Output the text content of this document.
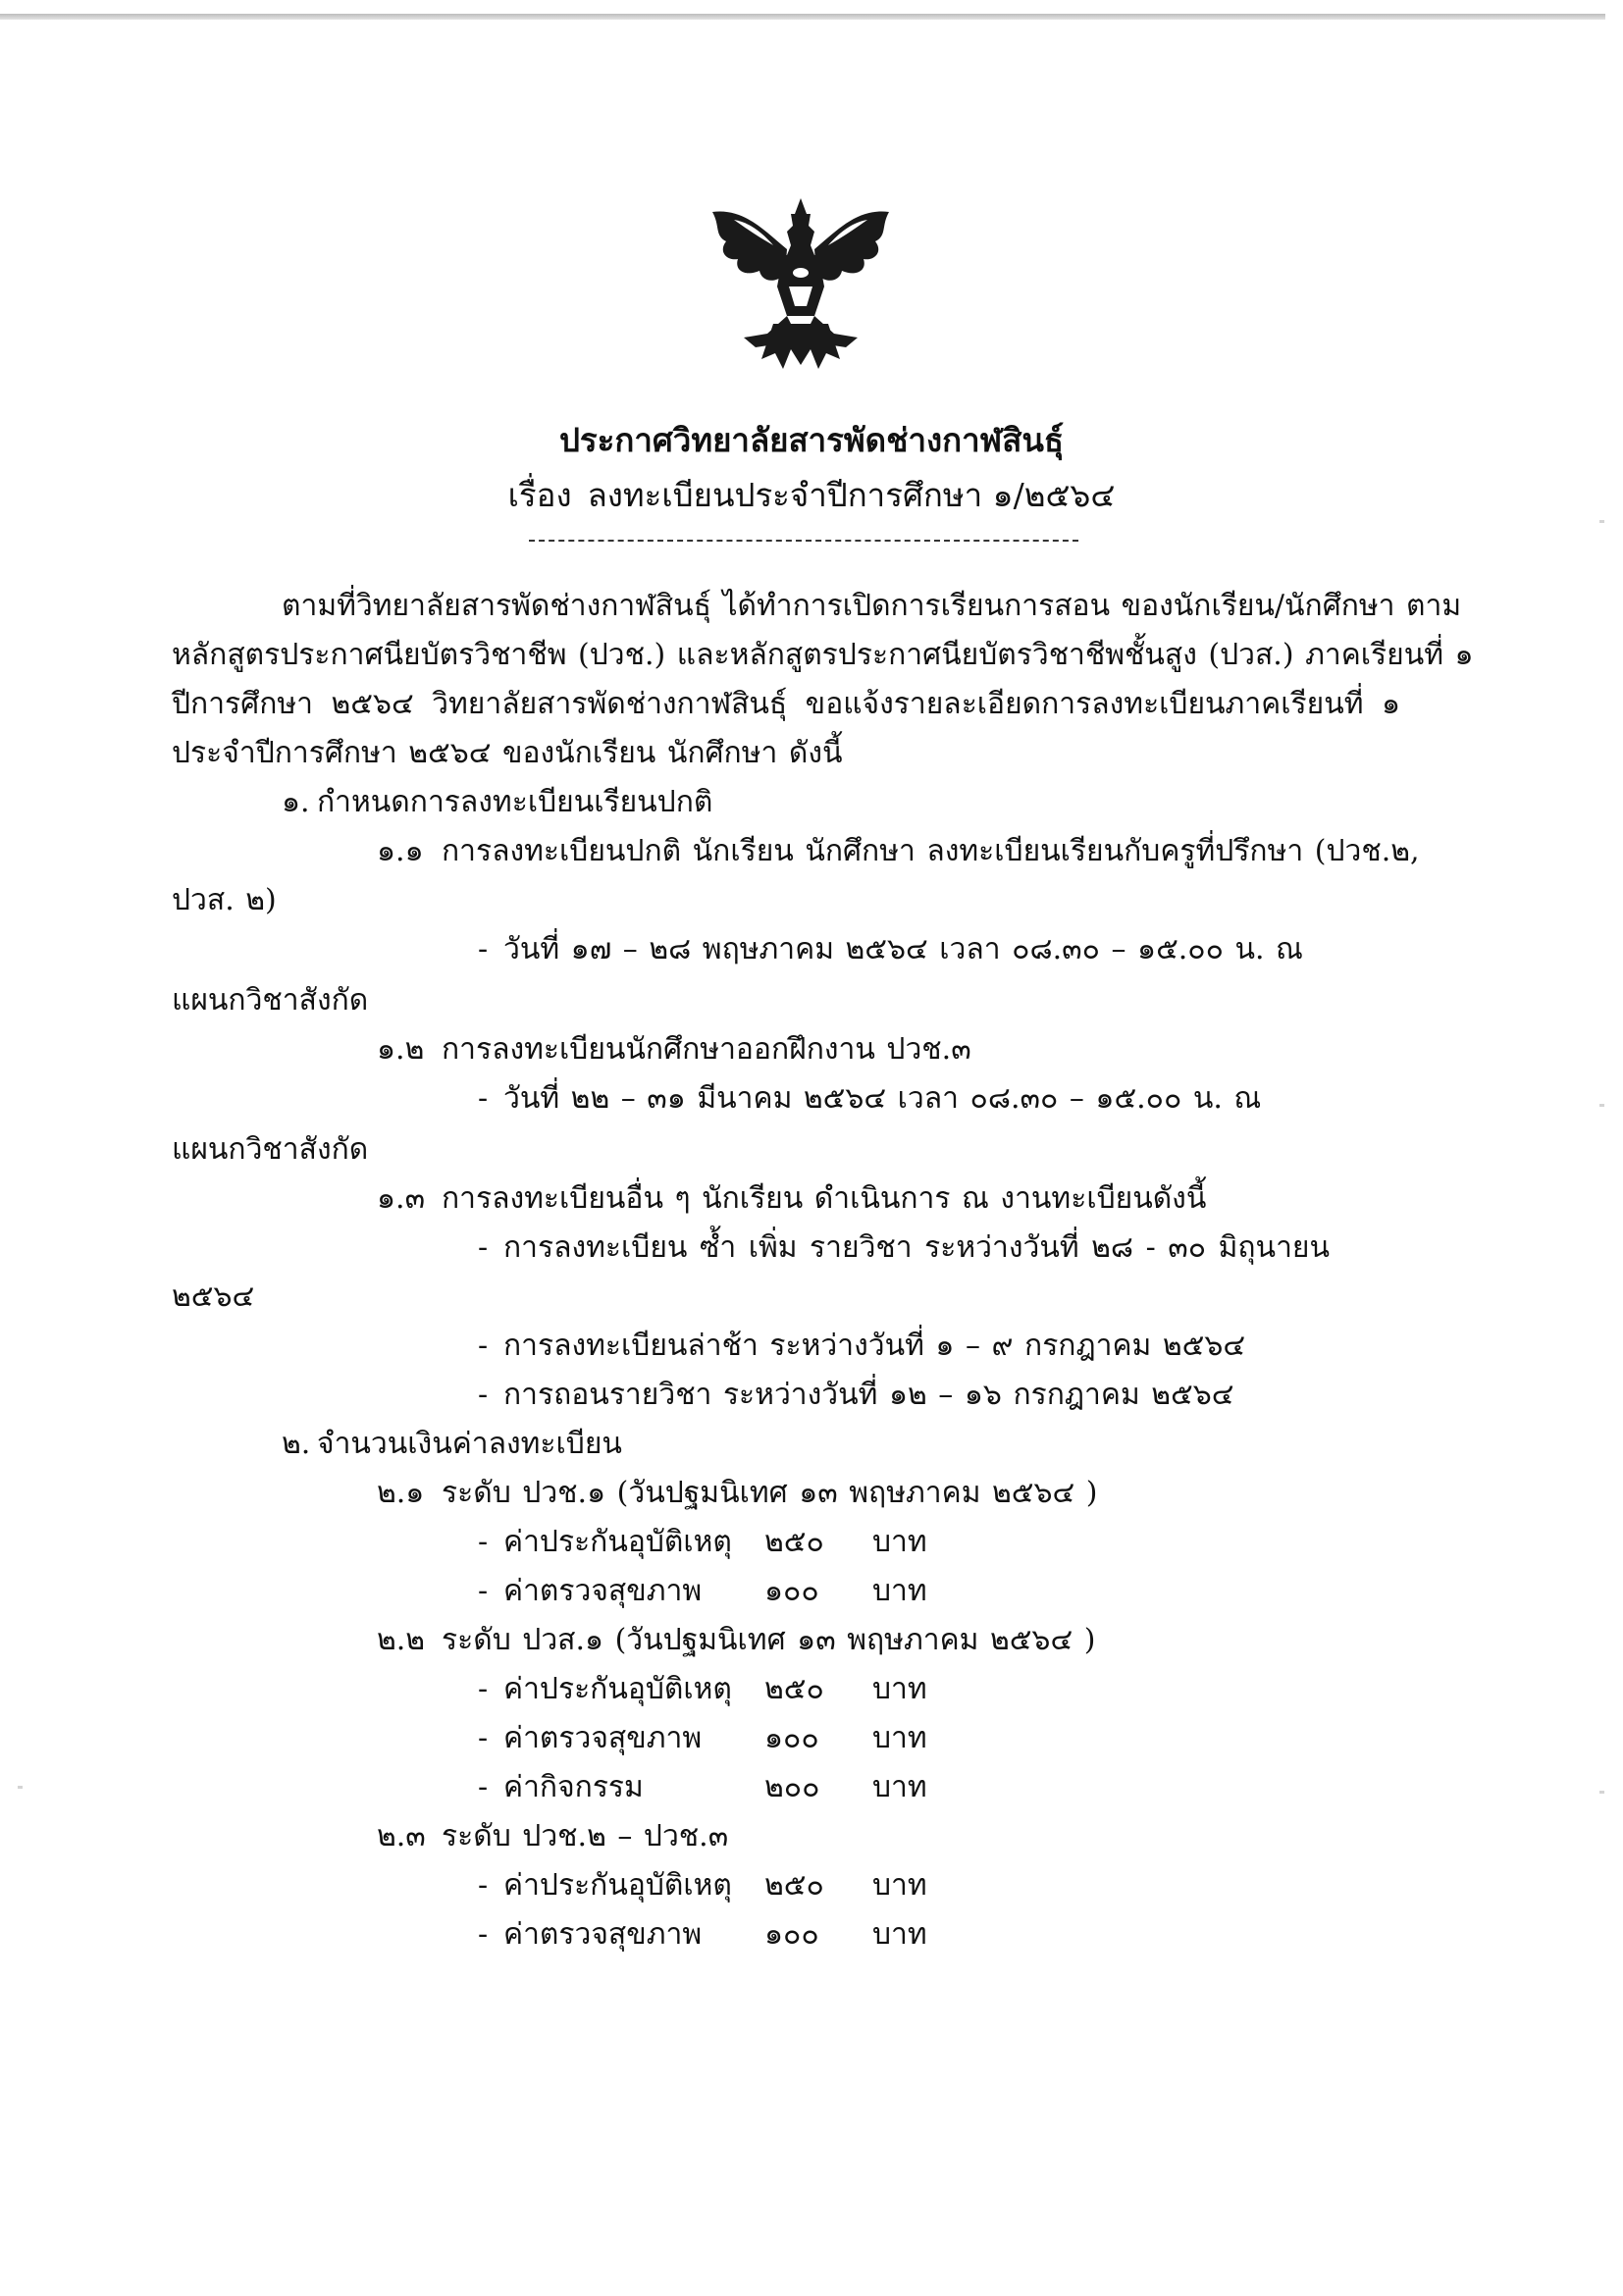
ประกาศวิทยาลัยสารพัดช่างกาฬสินธุ์
เรื่อง ลงทะเบียนประจำปีการศึกษา ๑/๒๕๖๔
ตามที่วิทยาลัยสารพัดช่างกาฬสินธุ์ ได้ทำการเปิดการเรียนการสอน ของนักเรียน/นักศึกษา ตาม
หลักสูตรประกาศนียบัตรวิชาชีพ (ปวช.) และหลักสูตรประกาศนียบัตรวิชาชีพชั้นสูง (ปวส.) ภาคเรียนที่ ๑
ปีการศึกษา ๒๕๖๔ วิทยาลัยสารพัดช่างกาฬสินธุ์ ขอแจ้งรายละเอียดการลงทะเบียนภาคเรียนที่ ๑
ประจำปีการศึกษา ๒๕๖๔ ของนักเรียน นักศึกษา ดังนี้
๑. กำหนดการลงทะเบียนเรียนปกติ
๑.๑ การลงทะเบียนปกติ นักเรียน นักศึกษา ลงทะเบียนเรียนกับครูที่ปรึกษา (ปวช.๒,
ปวส. ๒)
- วันที่ ๑๗ – ๒๘ พฤษภาคม ๒๕๖๔ เวลา ๐๘.๓๐ – ๑๕.๐๐ น. ณ
แผนกวิชาสังกัด
๑.๒ การลงทะเบียนนักศึกษาออกฝึกงาน ปวช.๓
- วันที่ ๒๒ – ๓๑ มีนาคม ๒๕๖๔ เวลา ๐๘.๓๐ – ๑๕.๐๐ น. ณ
แผนกวิชาสังกัด
๑.๓ การลงทะเบียนอื่น ๆ นักเรียน ดำเนินการ ณ งานทะเบียนดังนี้
- การลงทะเบียน ซ้ำ เพิ่ม รายวิชา ระหว่างวันที่ ๒๘ - ๓๐ มิถุนายน
๒๕๖๔
- การลงทะเบียนล่าช้า ระหว่างวันที่ ๑ – ๙ กรกฎาคม ๒๕๖๔
- การถอนรายวิชา ระหว่างวันที่ ๑๒ – ๑๖ กรกฎาคม ๒๕๖๔
๒. จำนวนเงินค่าลงทะเบียน
๒.๑ ระดับ ปวช.๑ (วันปฐมนิเทศ ๑๓ พฤษภาคม ๒๕๖๔ )
- ค่าประกันอุบัติเหตุ ๒๕๐ บาท
- ค่าตรวจสุขภาพ ๑๐๐ บาท
๒.๒ ระดับ ปวส.๑ (วันปฐมนิเทศ ๑๓ พฤษภาคม ๒๕๖๔ )
- ค่าประกันอุบัติเหตุ ๒๕๐ บาท
- ค่าตรวจสุขภาพ ๑๐๐ บาท
- ค่ากิจกรรม	๒๐๐ บาท
๒.๓ ระดับ ปวช.๒ – ปวช.๓
- ค่าประกันอุบัติเหตุ ๒๕๐ บาท
- ค่าตรวจสุขภาพ ๑๐๐ บาท
